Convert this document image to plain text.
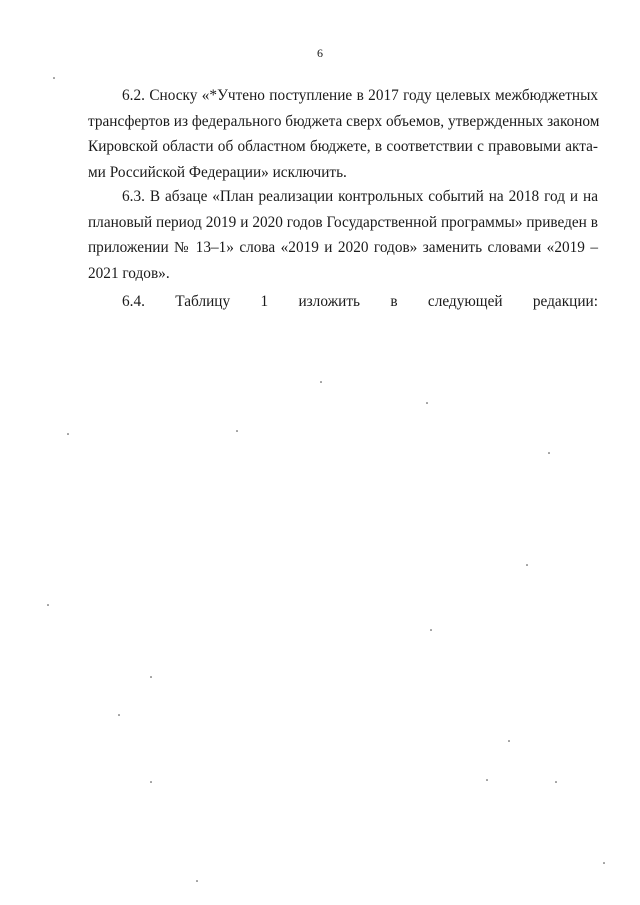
6
6.2. Сноску «*Учтено поступление в 2017 году целевых межбюджетных
трансфертов из федерального бюджета сверх объемов, утвержденных законом
Кировской области об областном бюджете, в соответствии с правовыми акта-
ми Российской Федерации» исключить.
6.3. В абзаце «План реализации контрольных событий на 2018 год и на
плановый период 2019 и 2020 годов Государственной программы» приведен в
приложении № 13–1» слова «2019 и 2020 годов» заменить словами «2019 –
2021 годов».
6.4. Таблицу 1 изложить в следующей редакции:
